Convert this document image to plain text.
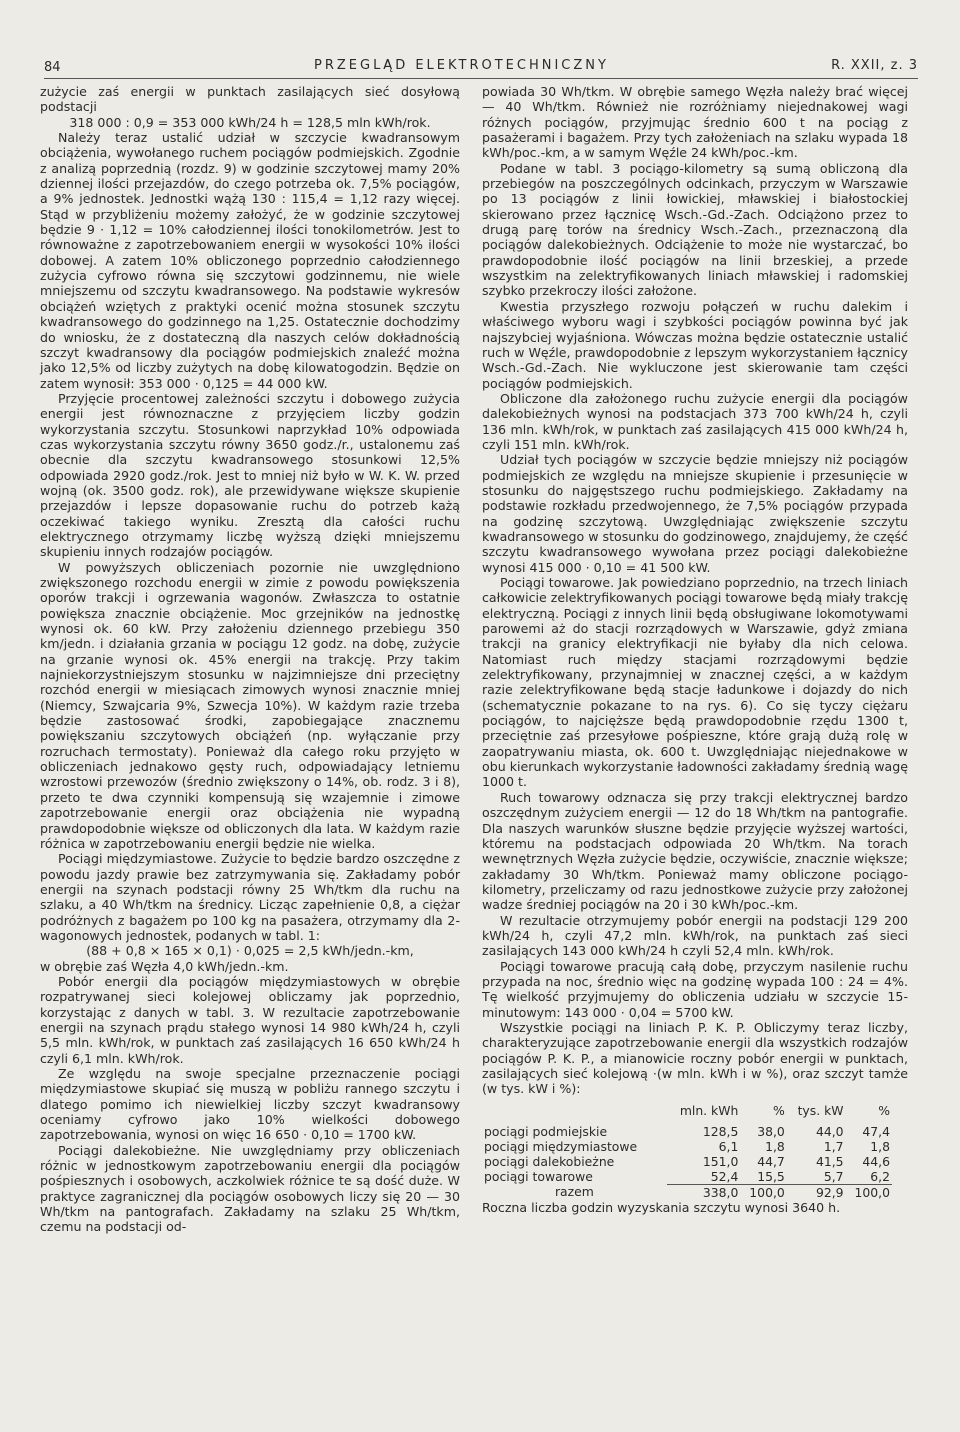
84	PRZEGLĄD ELEKTROTECHNICZNY	R. XXII, z. 3

zużycie zaś energii w punktach zasilających sieć dosyłową podstacji

318 000 : 0,9 = 353 000 kWh/24 h = 128,5 mln kWh/rok.

Należy teraz ustalić udział w szczycie kwadransowym obciążenia, wywołanego ruchem pociągów podmiejskich. Zgodnie z analizą poprzednią (rozdz. 9) w godzinie szczytowej mamy 20% dziennej ilości przejazdów, do czego potrzeba ok. 7,5% pociągów, a 9% jednostek. Jednostki wążą 130 : 115,4 = 1,12 razy więcej. Stąd w przybliżeniu możemy założyć, że w godzinie szczytowej będzie 9 · 1,12 = 10% całodziennej ilości tonokilometrów. Jest to równoważne z zapotrzebowaniem energii w wysokości 10% ilości dobowej. A zatem 10% obliczonego poprzednio całodziennego zużycia cyfrowo równa się szczytowi godzinnemu, nie wiele mniejszemu od szczytu kwadransowego. Na podstawie wykresów obciążeń wziętych z praktyki ocenić można stosunek szczytu kwadransowego do godzinnego na 1,25. Ostatecznie dochodzimy do wniosku, że z dostateczną dla naszych celów dokładnością szczyt kwadransowy dla pociągów podmiejskich znaleźć można jako 12,5% od liczby zużytych na dobę kilowatogodzin. Będzie on zatem wynosił: 353 000 · 0,125 = 44 000 kW.

Przyjęcie procentowej zależności szczytu i dobowego zużycia energii jest równoznaczne z przyjęciem liczby godzin wykorzystania szczytu. Stosunkowi naprzykład 10% odpowiada czas wykorzystania szczytu równy 3650 godz./r., ustalonemu zaś obecnie dla szczytu kwadransowego stosunkowi 12,5% odpowiada 2920 godz./rok. Jest to mniej niż było w W. K. W. przed wojną (ok. 3500 godz. rok), ale przewidywane większe skupienie przejazdów i lepsze dopasowanie ruchu do potrzeb każą oczekiwać takiego wyniku. Zresztą dla całości ruchu elektrycznego otrzymamy liczbę wyższą dzięki mniejszemu skupieniu innych rodzajów pociągów.

W powyższych obliczeniach pozornie nie uwzględniono zwiększonego rozchodu energii w zimie z powodu powiększenia oporów trakcji i ogrzewania wagonów. Zwłaszcza to ostatnie powiększa znacznie obciążenie. Moc grzejników na jednostkę wynosi ok. 60 kW. Przy założeniu dziennego przebiegu 350 km/jedn. i działania grzania w pociągu 12 godz. na dobę, zużycie na grzanie wynosi ok. 45% energii na trakcję. Przy takim najniekorzystniejszym stosunku w najzimniejsze dni przeciętny rozchód energii w miesiącach zimowych wynosi znacznie mniej (Niemcy, Szwajcaria 9%, Szwecja 10%). W każdym razie trzeba będzie zastosować środki, zapobiegające znacznemu powiększaniu szczytowych obciążeń (np. wyłączanie przy rozruchach termostaty). Ponieważ dla całego roku przyjęto w obliczeniach jednakowo gęsty ruch, odpowiadający letniemu wzrostowi przewozów (średnio zwiększony o 14%, ob. rodz. 3 i 8), przeto te dwa czynniki kompensują się wzajemnie i zimowe zapotrzebowanie energii oraz obciążenia nie wypadną prawdopodobnie większe od obliczonych dla lata. W każdym razie różnica w zapotrzebowaniu energii będzie nie wielka.

Pociągi międzymiastowe. Zużycie to będzie bardzo oszczędne z powodu jazdy prawie bez zatrzymywania się. Zakładamy pobór energii na szynach podstacji równy 25 Wh/tkm dla ruchu na szlaku, a 40 Wh/tkm na średnicy. Licząc zapełnienie 0,8, a ciężar podróżnych z bagażem po 100 kg na pasażera, otrzymamy dla 2-wagonowych jednostek, podanych w tabl. 1:

(88 + 0,8 × 165 × 0,1) · 0,025 = 2,5 kWh/jedn.-km,

w obrębie zaś Węzła 4,0 kWh/jedn.-km.

Pobór energii dla pociągów międzymiastowych w obrębie rozpatrywanej sieci kolejowej obliczamy jak poprzednio, korzystając z danych w tabl. 3. W rezultacie zapotrzebowanie energii na szynach prądu stałego wynosi 14 980 kWh/24 h, czyli 5,5 mln. kWh/rok, w punktach zaś zasilających 16 650 kWh/24 h czyli 6,1 mln. kWh/rok.

Ze względu na swoje specjalne przeznaczenie pociągi międzymiastowe skupiać się muszą w pobliżu rannego szczytu i dlatego pomimo ich niewielkiej liczby szczyt kwadransowy oceniamy cyfrowo jako 10% wielkości dobowego zapotrzebowania, wynosi on więc 16 650 · 0,10 = 1700 kW.

Pociągi dalekobieżne. Nie uwzględniamy przy obliczeniach różnic w jednostkowym zapotrzebowaniu energii dla pociągów pośpiesznych i osobowych, aczkolwiek różnice te są dość duże. W praktyce zagranicznej dla pociągów osobowych liczy się 20 — 30 Wh/tkm na pantografach. Zakładamy na szlaku 25 Wh/tkm, czemu na podstacji od-

powiada 30 Wh/tkm. W obrębie samego Węzła należy brać więcej — 40 Wh/tkm. Również nie rozróżniamy niejednakowej wagi różnych pociągów, przyjmując średnio 600 t na pociąg z pasażerami i bagażem. Przy tych założeniach na szlaku wypada 18 kWh/poc.-km, a w samym Węźle 24 kWh/poc.-km.

Podane w tabl. 3 pociągo-kilometry są sumą obliczoną dla przebiegów na poszczególnych odcinkach, przyczym w Warszawie po 13 pociągów z linii łowickiej, mławskiej i białostockiej skierowano przez łącznicę Wsch.-Gd.-Zach. Odciążono przez to drugą parę torów na średnicy Wsch.-Zach., przeznaczoną dla pociągów dalekobieżnych. Odciążenie to może nie wystarczać, bo prawdopodobnie ilość pociągów na linii brzeskiej, a przede wszystkim na zelektryfikowanych liniach mławskiej i radomskiej szybko przekroczy ilości założone.

Kwestia przyszłego rozwoju połączeń w ruchu dalekim i właściwego wyboru wagi i szybkości pociągów powinna być jak najszybciej wyjaśniona. Wówczas można będzie ostatecznie ustalić ruch w Węźle, prawdopodobnie z lepszym wykorzystaniem łącznicy Wsch.-Gd.-Zach. Nie wykluczone jest skierowanie tam części pociągów podmiejskich.

Obliczone dla założonego ruchu zużycie energii dla pociągów dalekobieżnych wynosi na podstacjach 373 700 kWh/24 h, czyli 136 mln. kWh/rok, w punktach zaś zasilających 415 000 kWh/24 h, czyli 151 mln. kWh/rok.

Udział tych pociągów w szczycie będzie mniejszy niż pociągów podmiejskich ze względu na mniejsze skupienie i przesunięcie w stosunku do najgęstszego ruchu podmiejskiego. Zakładamy na podstawie rozkładu przedwojennego, że 7,5% pociągów przypada na godzinę szczytową. Uwzględniając zwiększenie szczytu kwadransowego w stosunku do godzinowego, znajdujemy, że część szczytu kwadransowego wywołana przez pociągi dalekobieżne wynosi 415 000 · 0,10 = 41 500 kW.

Pociągi towarowe. Jak powiedziano poprzednio, na trzech liniach całkowicie zelektryfikowanych pociągi towarowe będą miały trakcję elektryczną. Pociągi z innych linii będą obsługiwane lokomotywami parowemi aż do stacji rozrządowych w Warszawie, gdyż zmiana trakcji na granicy elektryfikacji nie byłaby dla nich celowa. Natomiast ruch między stacjami rozrządowymi będzie zelektryfikowany, przynajmniej w znacznej części, a w każdym razie zelektryfikowane będą stacje ładunkowe i dojazdy do nich (schematycznie pokazane to na rys. 6). Co się tyczy ciężaru pociągów, to najcięższe będą prawdopodobnie rzędu 1300 t, przeciętnie zaś przesyłowe pośpieszne, które grają dużą rolę w zaopatrywaniu miasta, ok. 600 t. Uwzględniając niejednakowe w obu kierunkach wykorzystanie ładowności zakładamy średnią wagę 1000 t.

Ruch towarowy odznacza się przy trakcji elektrycznej bardzo oszczędnym zużyciem energii — 12 do 18 Wh/tkm na pantografie. Dla naszych warunków słuszne będzie przyjęcie wyższej wartości, któremu na podstacjach odpowiada 20 Wh/tkm. Na torach wewnętrznych Węzła zużycie będzie, oczywiście, znacznie większe; zakładamy 30 Wh/tkm. Ponieważ mamy obliczone pociągo-kilometry, przeliczamy od razu jednostkowe zużycie przy założonej wadze średniej pociągów na 20 i 30 kWh/poc.-km.

W rezultacie otrzymujemy pobór energii na podstacji 129 200 kWh/24 h, czyli 47,2 mln. kWh/rok, na punktach zaś sieci zasilających 143 000 kWh/24 h czyli 52,4 mln. kWh/rok.

Pociągi towarowe pracują całą dobę, przyczym nasilenie ruchu przypada na noc, średnio więc na godzinę wypada 100 : 24 = 4%. Tę wielkość przyjmujemy do obliczenia udziału w szczycie 15-minutowym: 143 000 · 0,04 = 5700 kW.

Wszystkie pociągi na liniach P. K. P. Obliczymy teraz liczby, charakteryzujące zapotrzebowanie energii dla wszystkich rodzajów pociągów P. K. P., a mianowicie roczny pobór energii w punktach, zasilających sieć kolejową ·(w mln. kWh i w %), oraz szczyt tamże (w tys. kW i %):

	mln. kWh	%	tys. kW	%
pociągi podmiejskie	128,5	38,0	44,0	47,4
pociągi międzymiastowe	6,1	1,8	1,7	1,8
pociągi dalekobieżne	151,0	44,7	41,5	44,6
pociągi towarowe	52,4	15,5	5,7	6,2
razem	338,0	100,0	92,9	100,0

Roczna liczba godzin wyzyskania szczytu wynosi 3640 h.
